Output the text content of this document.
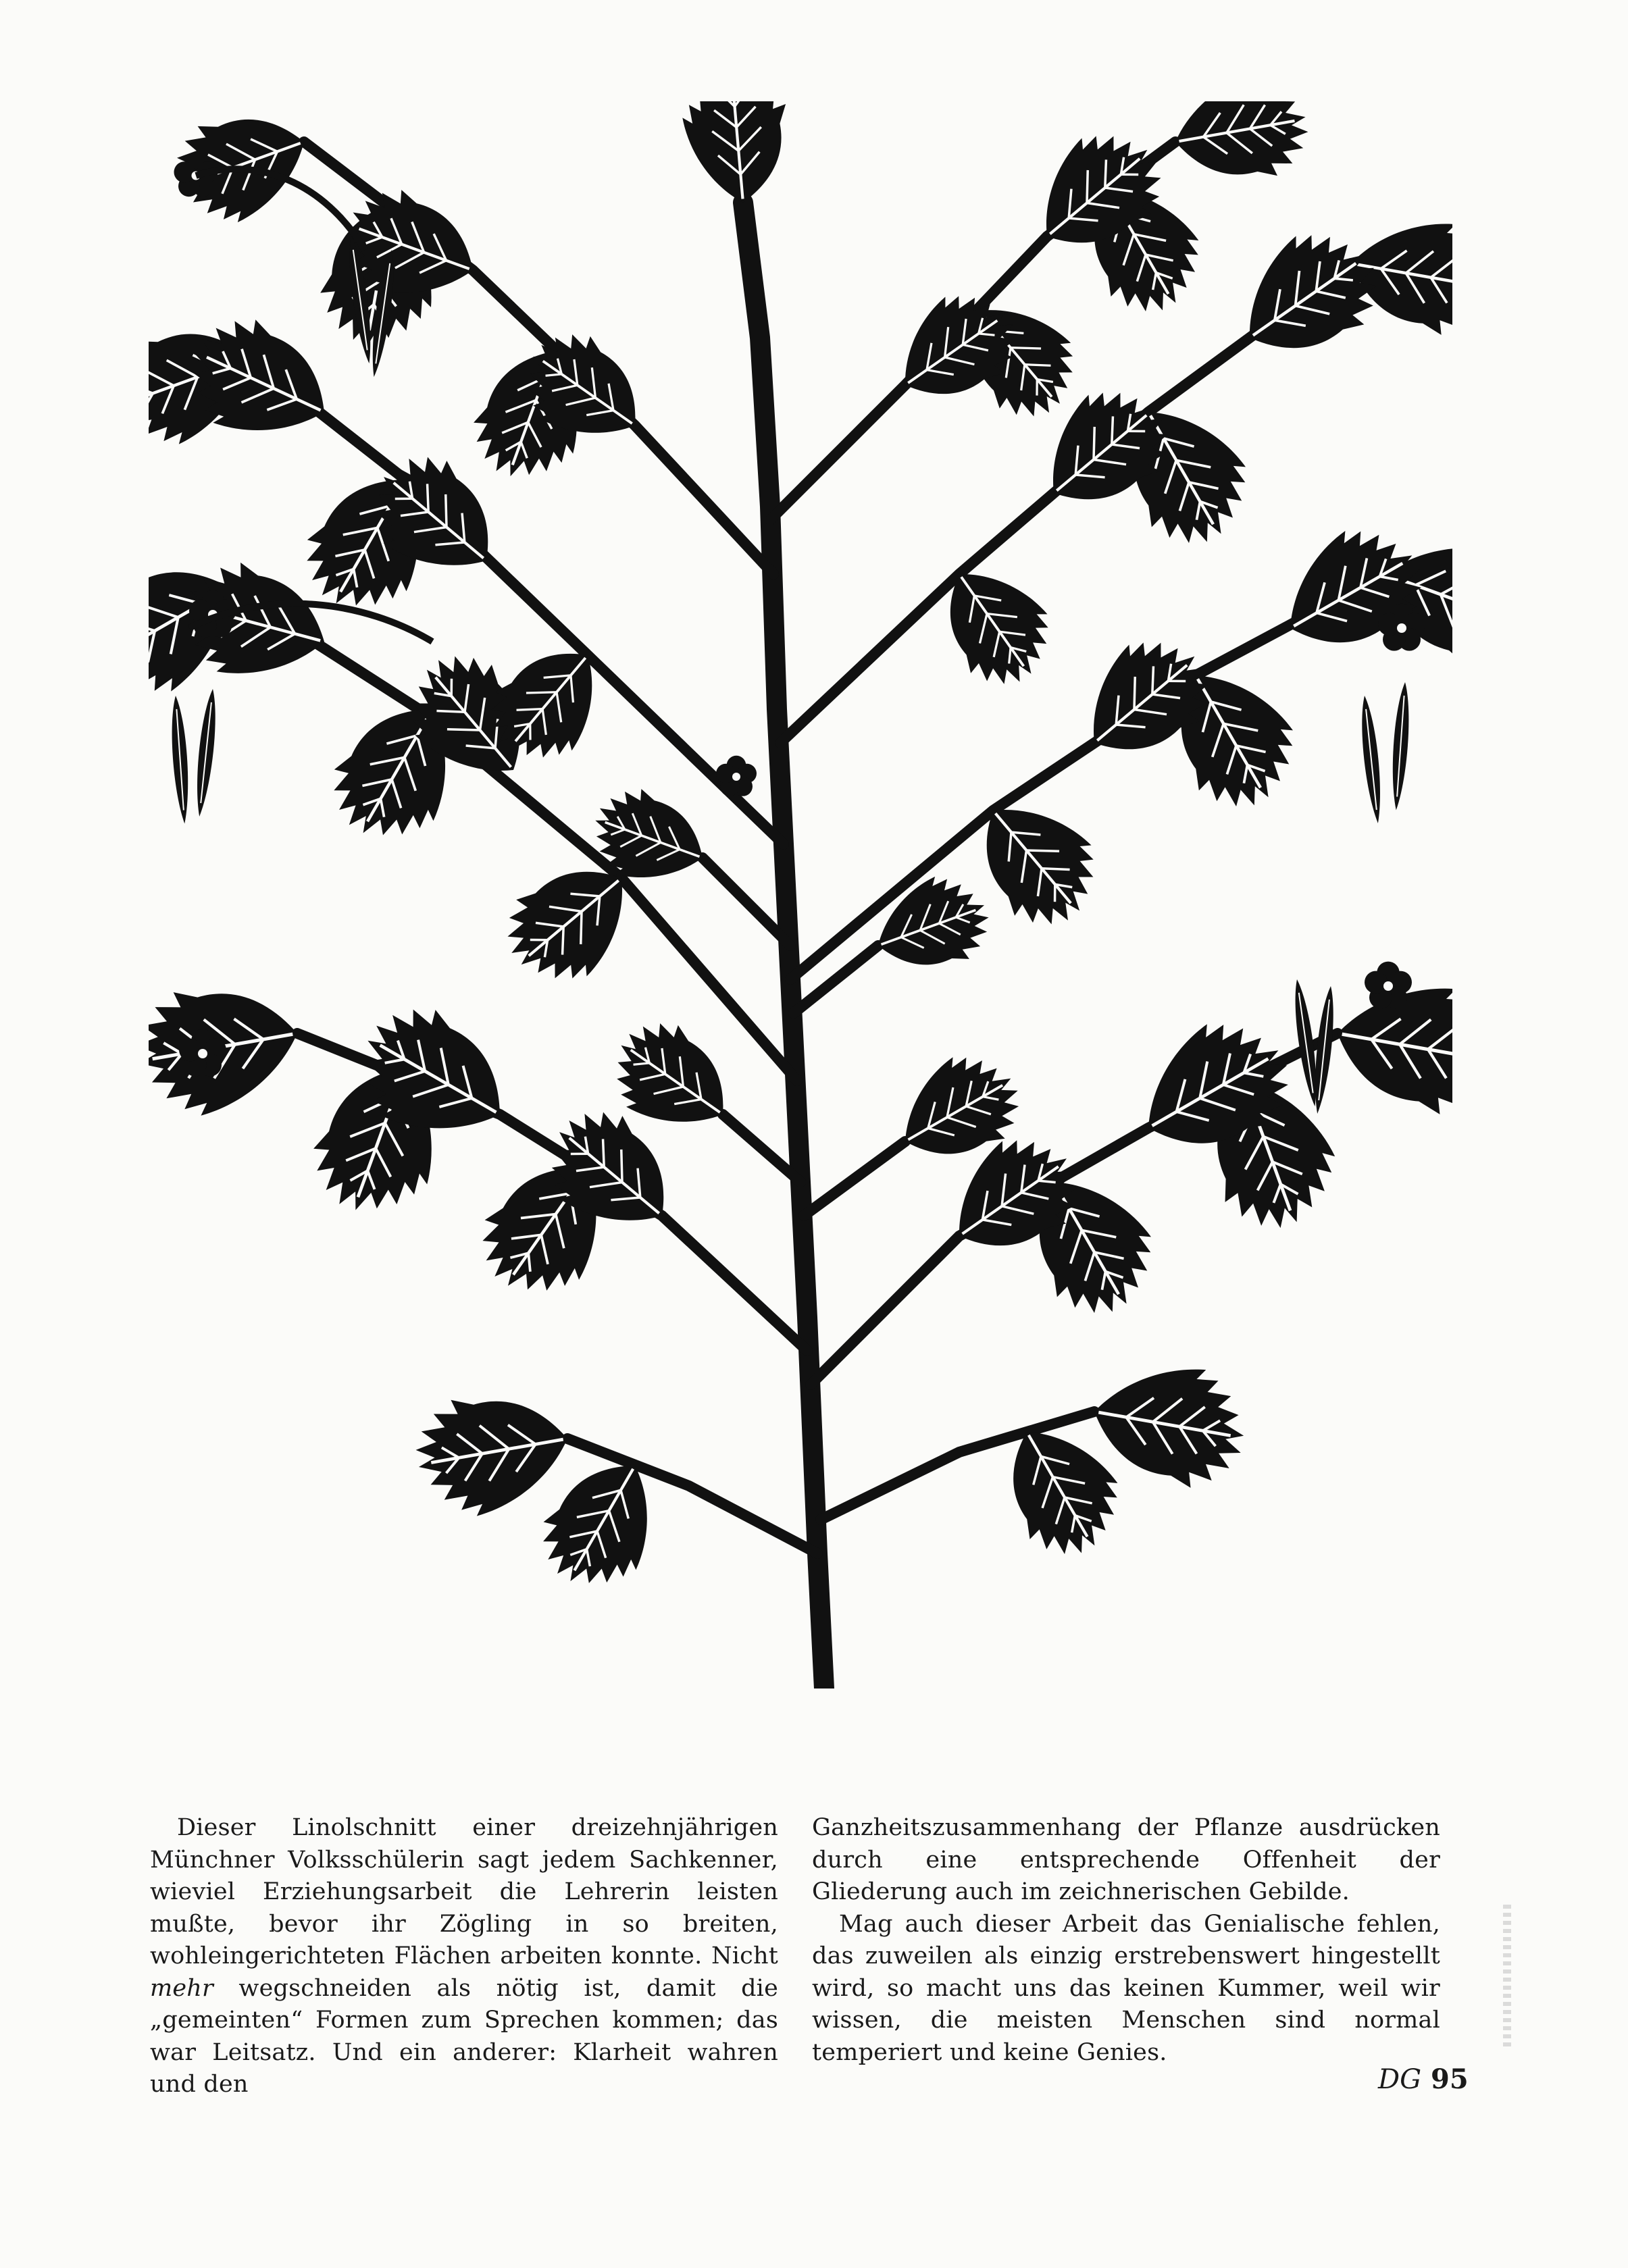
Dieser Linolschnitt einer dreizehnjährigen Münchner Volksschülerin sagt jedem Sachkenner, wieviel Erziehungsarbeit die Lehrerin leisten mußte, bevor ihr Zögling in so breiten, wohleingerichteten Flächen arbeiten konnte. Nicht mehr wegschneiden als nötig ist, damit die „gemeinten“ Formen zum Sprechen kommen; das war Leitsatz. Und ein anderer: Klarheit wahren und den

Ganzheitszusammenhang der Pflanze ausdrücken durch eine entsprechende Offenheit der Gliederung auch im zeichnerischen Gebilde.

Mag auch dieser Arbeit das Genialische fehlen, das zuweilen als einzig erstrebenswert hingestellt wird, so macht uns das keinen Kummer, weil wir wissen, die meisten Menschen sind normal temperiert und keine Genies.

DG 95
